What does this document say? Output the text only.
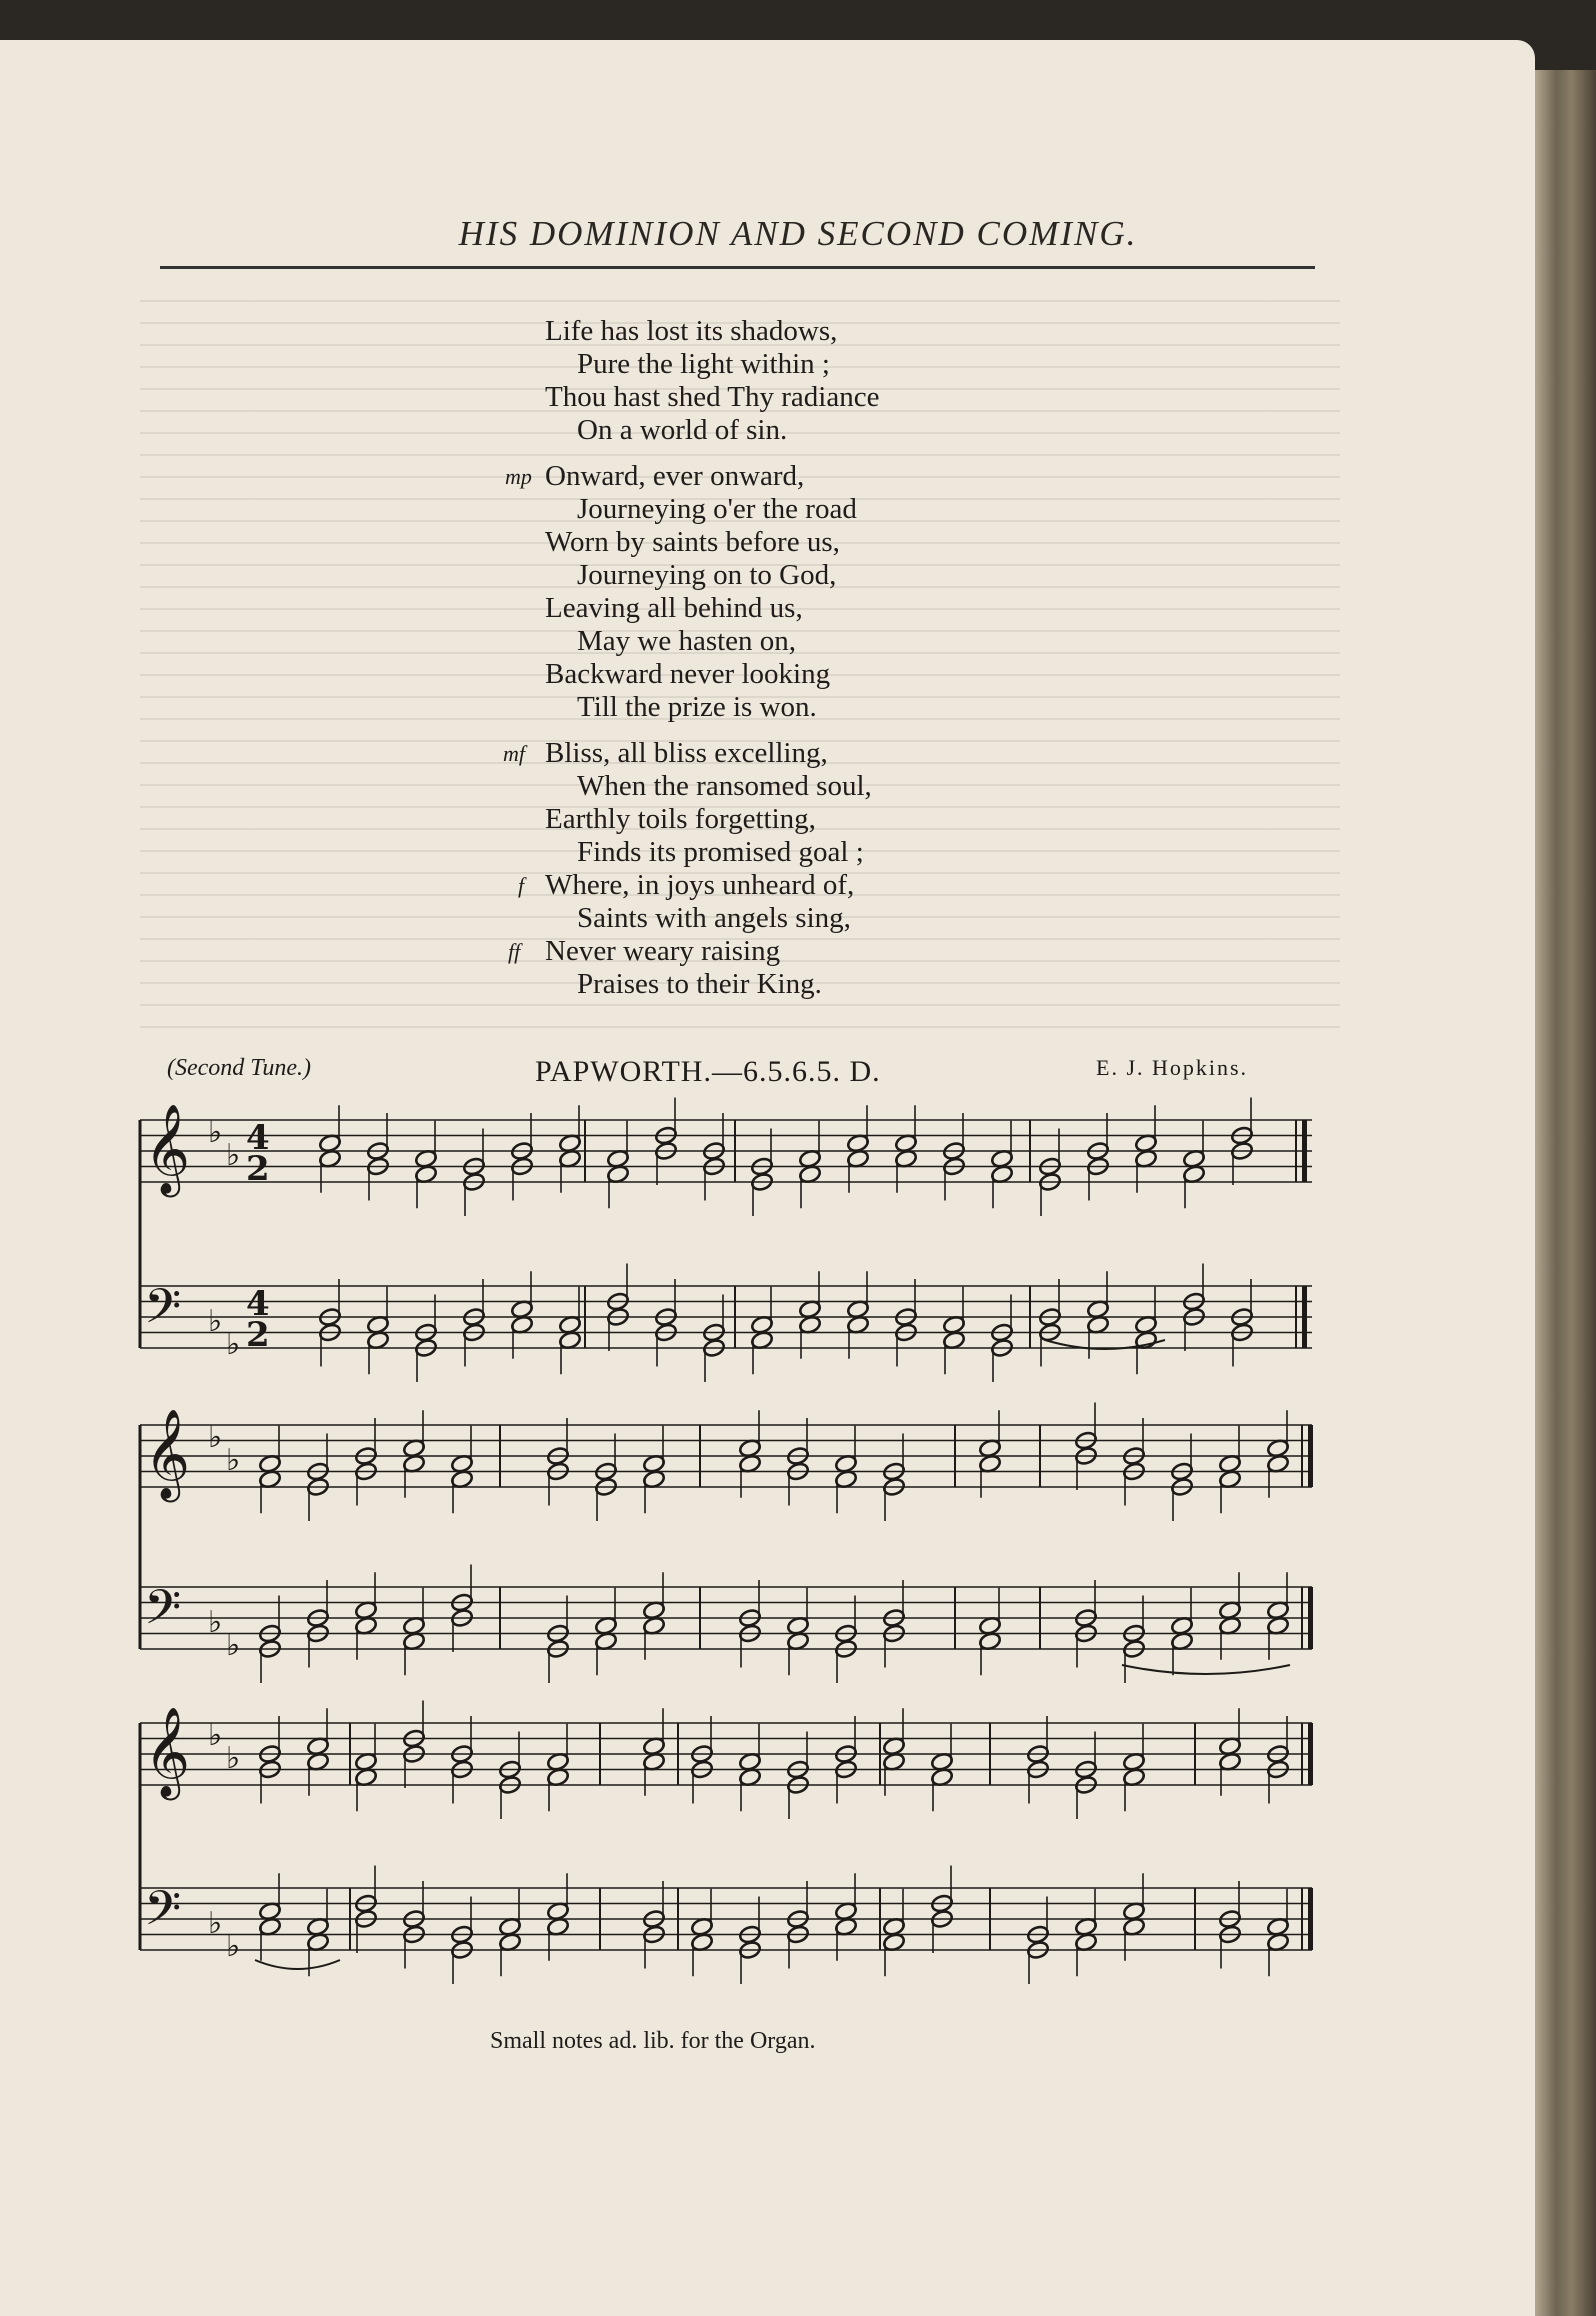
HIS DOMINION AND SECOND COMING.
Life has lost its shadows,
Pure the light within ;
Thou hast shed Thy radiance
On a world of sin.
Onward, ever onward,
mp
Journeying o'er the road
Worn by saints before us,
Journeying on to God,
Leaving all behind us,
May we hasten on,
Backward never looking
Till the prize is won.
Bliss, all bliss excelling,
mf
When the ransomed soul,
Earthly toils forgetting,
Finds its promised goal ;
Where, in joys unheard of,
f
Saints with angels sing,
Never weary raising
ff
Praises to their King.
(Second Tune.)	PAPWORTH.—6.5.6.5. D.	E. J. Hopkins.
𝄞 ♭
♭ 4
2
𝄢 ♭
♭
4
2
𝄞 ♭
♭
𝄢 ♭
♭
𝄞 ♭
♭
𝄢 ♭
♭
Small notes ad. lib. for the Organ.
